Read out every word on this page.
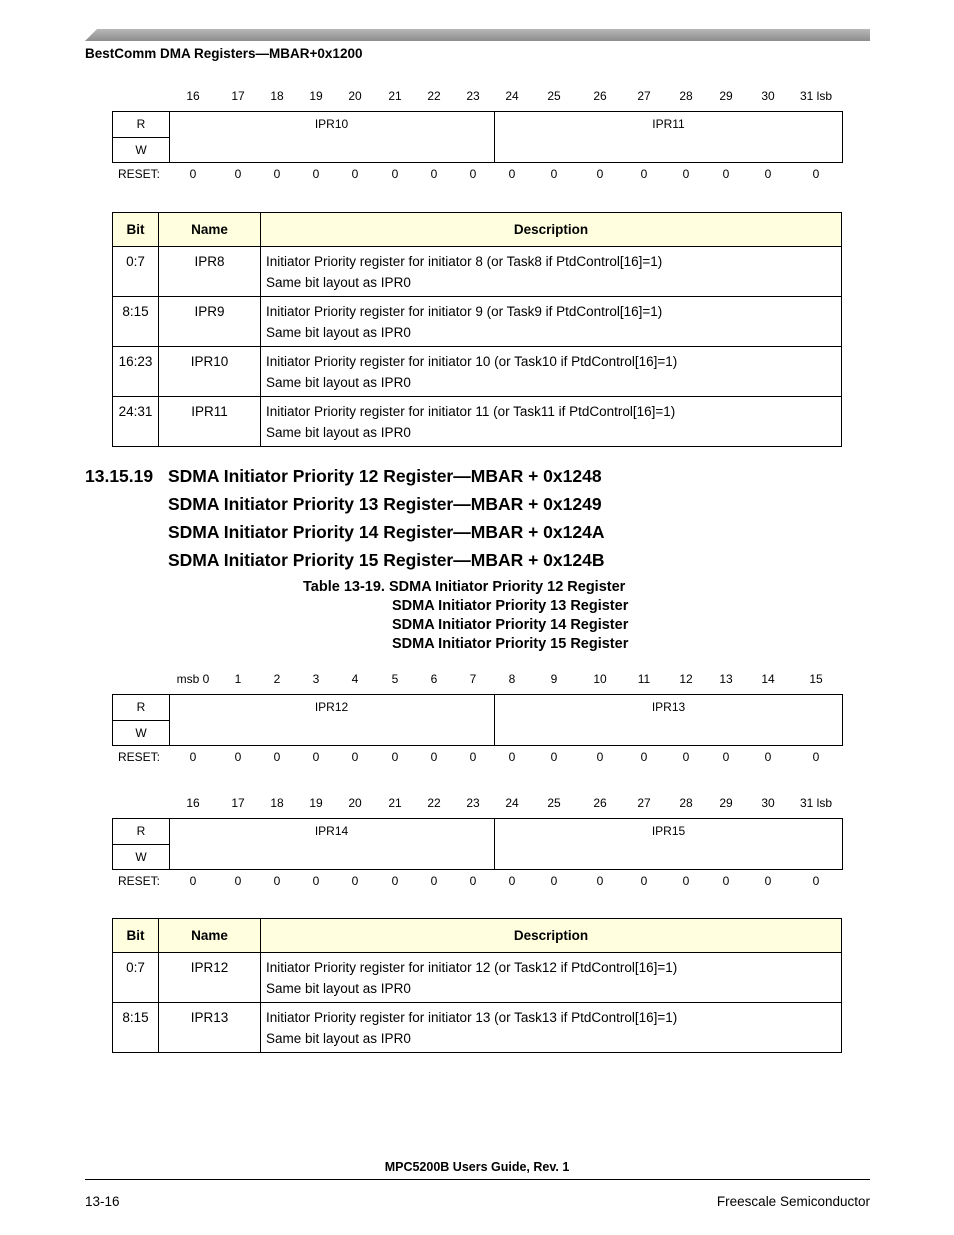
BestComm DMA Registers—MBAR+0x1200
16	17 18 19 20 21 22 23 24 25	26	27 28 29 30 31 lsb
R
W
IPR10	IPR11
RESET: 0	0	0	0	0	0	0	0	0	0	0	0	0	0	0	0
Bit	Name	Description
0:7	IPR8	Initiator Priority register for initiator 8 (or Task8 if PtdControl[16]=1)
Same bit layout as IPR0

8:15	IPR9	Initiator Priority register for initiator 9 (or Task9 if PtdControl[16]=1)
Same bit layout as IPR0

16:23	IPR10	Initiator Priority register for initiator 10 (or Task10 if PtdControl[16]=1)
Same bit layout as IPR0

24:31	IPR11	Initiator Priority register for initiator 11 (or Task11 if PtdControl[16]=1)
Same bit layout as IPR0
13.15.19 SDMA Initiator Priority 12 Register—MBAR + 0x1248
SDMA Initiator Priority 13 Register—MBAR + 0x1249
SDMA Initiator Priority 14 Register—MBAR + 0x124A
SDMA Initiator Priority 15 Register—MBAR + 0x124B
Table 13-19. SDMA Initiator Priority 12 Register
SDMA Initiator Priority 13 Register
SDMA Initiator Priority 14 Register
SDMA Initiator Priority 15 Register
msb 0 1	2	3	4	5	6	7	8	9	10	11 12 13 14	15
R
W
IPR12	IPR13
RESET: 0	0	0	0	0	0	0	0	0	0	0	0	0	0	0	0
16	17 18 19 20 21 22 23 24 25	26	27 28 29 30 31 lsb
R
W
IPR14	IPR15
RESET: 0	0	0	0	0	0	0	0	0	0	0	0	0	0	0	0
Bit	Name	Description
0:7	IPR12	Initiator Priority register for initiator 12 (or Task12 if PtdControl[16]=1)
Same bit layout as IPR0

8:15	IPR13	Initiator Priority register for initiator 13 (or Task13 if PtdControl[16]=1)
Same bit layout as IPR0
MPC5200B Users Guide, Rev. 1
13-16	Freescale Semiconductor
